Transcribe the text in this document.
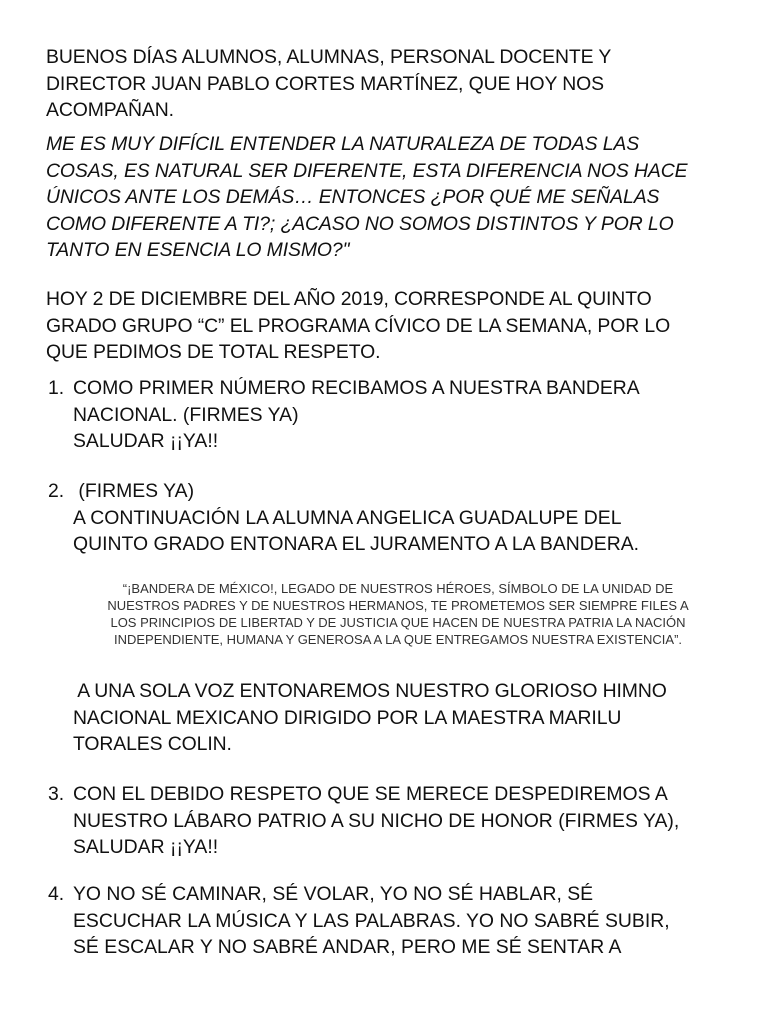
BUENOS DÍAS ALUMNOS, ALUMNAS, PERSONAL DOCENTE Y
DIRECTOR JUAN PABLO CORTES MARTÍNEZ, QUE HOY NOS
ACOMPAÑAN.
ME ES MUY DIFÍCIL ENTENDER LA NATURALEZA DE TODAS LAS
COSAS, ES NATURAL SER DIFERENTE, ESTA DIFERENCIA NOS HACE
ÚNICOS ANTE LOS DEMÁS… ENTONCES ¿POR QUÉ ME SEÑALAS
COMO DIFERENTE A TI?; ¿ACASO NO SOMOS DISTINTOS Y POR LO
TANTO EN ESENCIA LO MISMO?"
HOY 2 DE DICIEMBRE DEL AÑO 2019, CORRESPONDE AL QUINTO
GRADO GRUPO “C” EL PROGRAMA CÍVICO DE LA SEMANA, POR LO
QUE PEDIMOS DE TOTAL RESPETO.
1. COMO PRIMER NÚMERO RECIBAMOS A NUESTRA BANDERA
NACIONAL. (FIRMES YA)
SALUDAR ¡¡YA!!
2. (FIRMES YA)
A CONTINUACIÓN LA ALUMNA ANGELICA GUADALUPE DEL
QUINTO GRADO ENTONARA EL JURAMENTO A LA BANDERA.
“¡BANDERA DE MÉXICO!, LEGADO DE NUESTROS HÉROES, SÍMBOLO DE LA UNIDAD DE
NUESTROS PADRES Y DE NUESTROS HERMANOS, TE PROMETEMOS SER SIEMPRE FILES A
LOS PRINCIPIOS DE LIBERTAD Y DE JUSTICIA QUE HACEN DE NUESTRA PATRIA LA NACIÓN
INDEPENDIENTE, HUMANA Y GENEROSA A LA QUE ENTREGAMOS NUESTRA EXISTENCIA”.
A UNA SOLA VOZ ENTONAREMOS NUESTRO GLORIOSO HIMNO
NACIONAL MEXICANO DIRIGIDO POR LA MAESTRA MARILU
TORALES COLIN.
3. CON EL DEBIDO RESPETO QUE SE MERECE DESPEDIREMOS A
NUESTRO LÁBARO PATRIO A SU NICHO DE HONOR (FIRMES YA),
SALUDAR ¡¡YA!!
4. YO NO SÉ CAMINAR, SÉ VOLAR, YO NO SÉ HABLAR, SÉ
ESCUCHAR LA MÚSICA Y LAS PALABRAS. YO NO SABRÉ SUBIR,
SÉ ESCALAR Y NO SABRÉ ANDAR, PERO ME SÉ SENTAR A
